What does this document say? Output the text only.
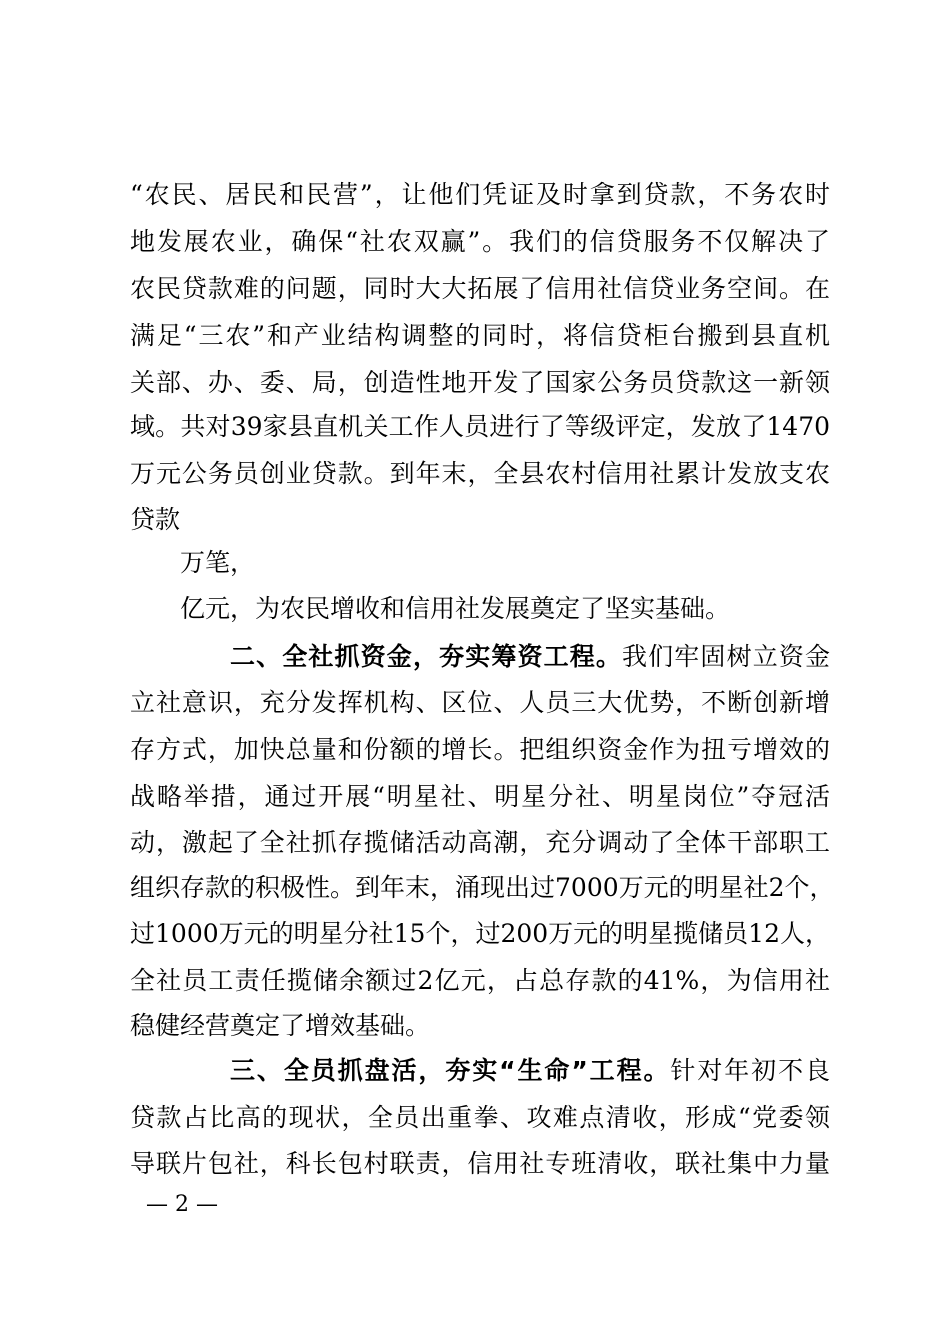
“农民、居民和民营”，让他们凭证及时拿到贷款，不务农时
地发展农业，确保“社农双赢”。我们的信贷服务不仅解决了
农民贷款难的问题，同时大大拓展了信用社信贷业务空间。在
满足“三农”和产业结构调整的同时，将信贷柜台搬到县直机
关部、办、委、局，创造性地开发了国家公务员贷款这一新领
域。共对39家县直机关工作人员进行了等级评定，发放了1470
万元公务员创业贷款。到年末，全县农村信用社累计发放支农
贷款
万笔，
亿元，为农民增收和信用社发展奠定了坚实基础。
二、全社抓资金，夯实筹资工程。我们牢固树立资金
立社意识，充分发挥机构、区位、人员三大优势，不断创新增
存方式，加快总量和份额的增长。把组织资金作为扭亏增效的
战略举措，通过开展“明星社、明星分社、明星岗位”夺冠活
动，激起了全社抓存揽储活动高潮，充分调动了全体干部职工
组织存款的积极性。到年末，涌现出过7000万元的明星社2个，
过1000万元的明星分社15个，过200万元的明星揽储员12人，
全社员工责任揽储余额过2亿元，占总存款的41%，为信用社
稳健经营奠定了增效基础。
三、全员抓盘活，夯实“生命”工程。针对年初不良
贷款占比高的现状，全员出重拳、攻难点清收，形成“党委领
导联片包社，科长包村联责，信用社专班清收，联社集中力量
— 2 —
